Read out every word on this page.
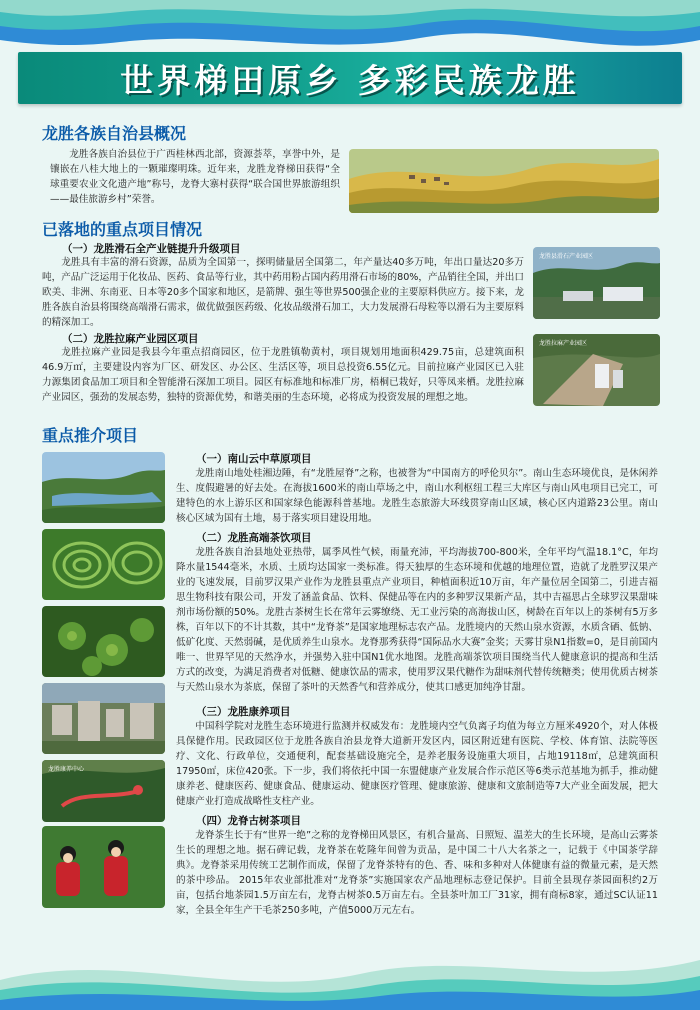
世界梯田原乡 多彩民族龙胜
龙胜各族自治县概况

龙胜各族自治县位于广西桂林西北部，资源荟萃，享誉中外，是镶嵌在八桂大地上的一颗璀璨明珠。近年来，龙胜龙脊梯田获得“全球重要农业文化遗产地”称号，龙脊大寨村获得“联合国世界旅游组织——最佳旅游乡村”荣誉。

已落地的重点项目情况
（一）龙胜滑石全产业链提升升级项目

龙胜具有丰富的滑石资源，品质为全国第一，探明储量居全国第二，年产量达40多万吨，年出口量达20多万吨，产品广泛运用于化妆品、医药、食品等行业，其中药用粉占国内药用滑石市场的80%，产品销往全国，并出口欧美、非洲、东南亚、日本等20多个国家和地区，是箭牌、强生等世界500强企业的主要原料供应方。接下来，龙胜各族自治县将围绕高端滑石需求，做优做强医药级、化妆品级滑石加工，大力发展滑石母粒等以滑石为主要原料的精深加工。

龙胜县滑石产业园区
（二）龙胜拉麻产业园区项目

龙胜拉麻产业园是我县今年重点招商园区，位于龙胜镇勒黄村，项目规划用地面积429.75亩，总建筑面积46.9万㎡，主要建设内容为厂区、研发区、办公区、生活区等，项目总投资6.55亿元。目前拉麻产业园区已入驻力源集团食品加工项目和全智能滑石深加工项目。园区有标准地和标准厂房，梧桐已栽好，只等凤来栖。龙胜拉麻产业园区，强劲的发展态势，独特的资源优势，和谐美丽的生态环境，必将成为投资发展的理想之地。

龙胜拉麻产业园区
重点推介项目
龙胜康养中心
（一）南山云中草原项目

龙胜南山地处桂湘边陲，有“龙胜屋脊”之称，也被誉为“中国南方的呼伦贝尔”。南山生态环境优良，是休闲养生、度假避暑的好去处。在海拔1600米的南山草场之中，南山水利枢纽工程三大库区与南山风电项目已完工，可建特色的水上游乐区和国家绿色能源科普基地。龙胜生态旅游大环线贯穿南山区域，核心区内道路23公里。南山核心区域为国有土地，易于落实项目建设用地。

（二）龙胜高端茶饮项目

龙胜各族自治县地处亚热带，属季风性气候，雨量充沛，平均海拔700-800米，全年平均气温18.1°C，年均降水量1544毫米，水质、土质均达国家一类标准。得天独厚的生态环境和优越的地理位置，造就了龙胜罗汉果产业的飞速发展，目前罗汉果产业作为龙胜县重点产业项目，种植面积近10万亩，年产量位居全国第二，引进吉福思生物科技有限公司，开发了涵盖食品、饮料、保健品等在内的多种罗汉果新产品，其中吉福思占全球罗汉果甜味剂市场份额的50%。龙胜古茶树生长在常年云雾缭绕、无工业污染的高海拔山区，树龄在百年以上的茶树有5万多株，百年以下的不计其数，其中“龙脊茶”是国家地理标志农产品。龙胜境内的天然山泉水资源，水质含硒、低钠、低矿化度、天然弱碱，是优质养生山泉水。龙脊那秀获得“国际品水大赛”金奖；天雾甘泉N1指数=0，是目前国内唯一、世界罕见的天然净水，并强势入驻中国N1优水地图。龙胜高端茶饮项目围绕当代人健康意识的提高和生活方式的改变，为满足消费者对低糖、健康饮品的需求，使用罗汉果代糖作为甜味剂代替传统糖类；使用优质古树茶与天然山泉水为茶底，保留了茶叶的天然香气和营养成分，使其口感更加纯净甘甜。

（三）龙胜康养项目

中国科学院对龙胜生态环境进行监测并权威发布：龙胜境内空气负离子均值为每立方厘米4920个，对人体极具保健作用。民政园区位于龙胜各族自治县龙脊大道新开发区内，园区附近建有医院、学校、体育馆、法院等医疗、文化、行政单位，交通便利，配套基础设施完全，是养老服务设施重大项目，占地19118㎡，总建筑面积17950㎡，床位420张。下一步，我们将依托中国一东盟健康产业发展合作示范区等6类示范基地为抓手，推动健康养老、健康医药、健康食品、健康运动、健康医疗管理、健康旅游、健康和文旅制造等7大产业全面发展，把大健康产业打造成战略性支柱产业。

（四）龙脊古树茶项目

龙脊茶生长于有“世界一绝”之称的龙脊梯田风景区，有机合量高、日照短、温差大的生长环境，是高山云雾茶生长的理想之地。据石碑记载，龙脊茶在乾隆年间曾为贡品，是中国二十八大名茶之一，记载于《中国茶学辞典》。龙脊茶采用传统工艺制作而成，保留了龙脊茶特有的色、香、味和多种对人体健康有益的微量元素，是天然的茶中珍品。 2015年农业部批准对“龙脊茶”实施国家农产品地理标志登记保护。目前全县现存茶园面积约2万亩，包括台地茶园1.5万亩左右，龙脊古树茶0.5万亩左右。全县茶叶加工厂31家，拥有商标8家，通过SC认证11家，全县全年生产干毛茶250多吨，产值5000万元左右。
